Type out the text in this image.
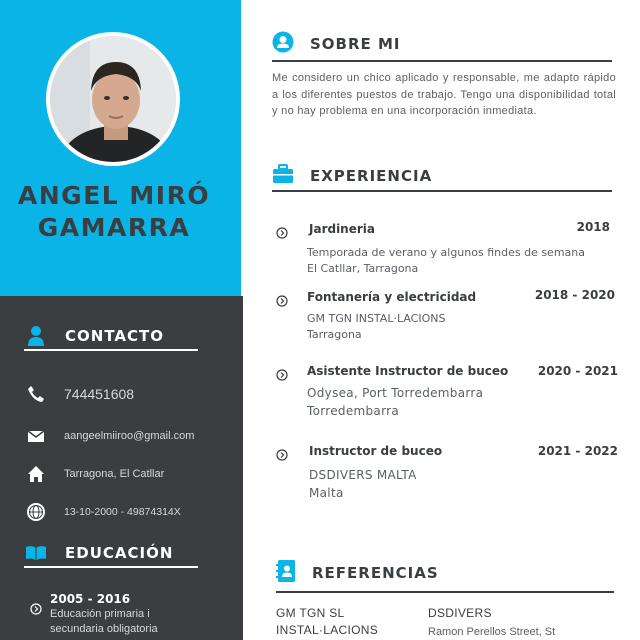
ANGEL MIRÓ
GAMARRA
CONTACTO
744451608
aangeelmiiroo@gmail.com
Tarragona, El Catllar
13-10-2000 - 49874314X
EDUCACIÓN
2005 - 2016
Educación primaria i
secundaria obligatoria
SOBRE MI
Me considero un chico aplicado y responsable, me adapto rápido a los diferentes puestos de trabajo. Tengo una disponibilidad total y no hay problema en una incorporación inmediata.
EXPERIENCIA
Jardineria	2018
Temporada de verano y algunos findes de semana
El Catllar, Tarragona
Fontanería y electricidad	2018 - 2020
GM TGN INSTAL·LACIONS
Tarragona
Asistente Instructor de buceo 2020 - 2021
Odysea, Port Torredembarra
Torredembarra
Instructor de buceo	2021 - 2022
DSDIVERS MALTA
Malta
REFERENCIAS
GM TGN SL
INSTAL·LACIONS
DSDIVERS
Ramon Perellos Street, St
